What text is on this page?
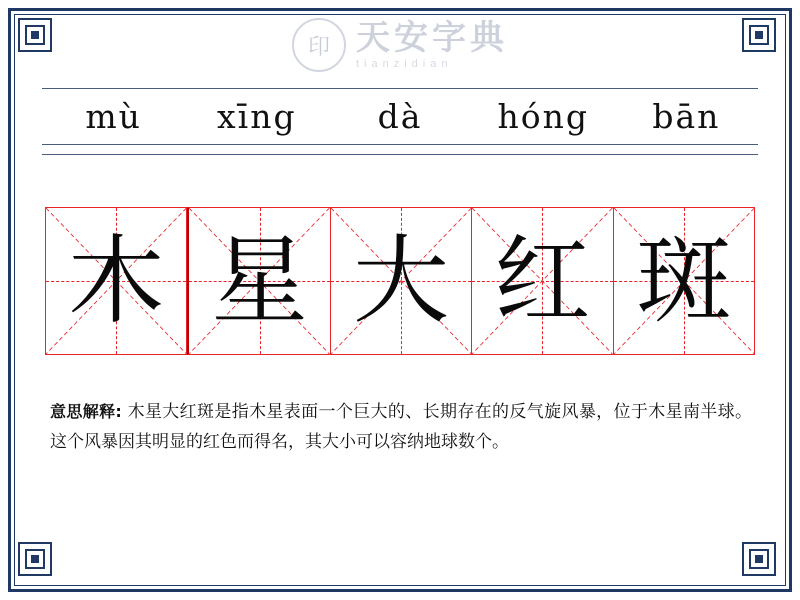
印 天安字典
tianzidian
mù	xīng	dà	hóng	bān
木 星 大 红 斑
意思解释: 木星大红斑是指木星表面一个巨大的、长期存在的反气旋风暴，位于木星南半球。这个风暴因其明显的红色而得名，其大小可以容纳地球数个。
